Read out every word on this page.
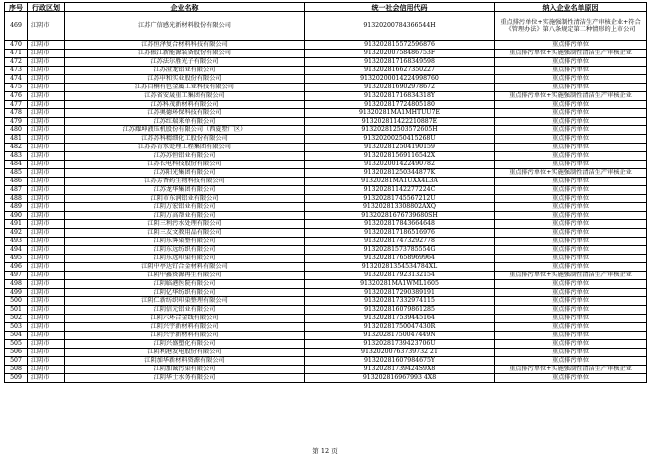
序号	行政区划	企业名称	统一社会信用代码	纳入企业名单原因
469	江阴市	江苏广信感光新材料股份有限公司	91320200784366544H	重点排污单位+实施强制性清洁生产审核企业+符合《管理办法》第八条规定第二种情形的上市公司
470	江阴市	江苏恒泽复合材料科技有限公司	913202815572596876	重点排污单位
471	江阴市	江苏振江新能源装备股份有限公司	91320200758486753F	重点排污单位+实施强制性清洁生产审核企业
472	江阴市	江苏法尔胜光子有限公司	913202817168349598	重点排污单位
473	江阴市	江苏澄龙铝业有限公司	913202816627350227	重点排污单位
474	江阴市	江苏申和实业股份有限公司	91320200014224998760	重点排污单位
475	江阴市	江苏百桐有色金属工业科技有限公司	913202816902978672	重点排污单位
476	江阴市	江苏省安晟重工集团有限公司	91320281716834318Y	重点排污单位+实施强制性清洁生产审核企业
477	江阴市	江苏科茂新材料有限公司	913202817724805180	重点排污单位
478	江阴市	江苏奥德环保科技有限公司	91320281MA1MHTUU7E	重点排污单位
479	江阴市	江苏红瑞来单有限公司	913202811422210887E	重点排污单位
480	江阴市	江苏耀坤液压机股份有限公司（西夏墅厂区）	913202812503572605H	重点排污单位
481	江阴市	江苏苏科精细化工股份有限公司	91320200250415268U	重点排污单位
482	江阴市	江苏苏青水处理工程集团有限公司	913202812504190159	重点排污单位
483	江阴市	江苏苏恒铝业有限公司	91320281569116542X	重点排污单位
484	江阴市	江苏长电科技股份有限公司	913202001422490782	重点排污单位
485	江阴市	江苏阳光集团有限公司	91320281250344877K	重点排污单位+实施强制性清洁生产审核企业
486	江阴市	江苏芳香药生物科技有限公司	91320281MA1UXX4L3A	重点排污单位
487	江阴市	江苏龙华集团有限公司	91320281142277224C	重点排污单位
488	江阴市	江阴市东润铝业有限公司	91320281745567212U	重点排污单位
489	江阴市	江阴万宏铝业有限公司	913202813308802AXQ	重点排污单位
490	江阴市	江阴万高帮业有限公司	91320281676739680SH	重点排污单位
491	江阴市	江阴三利污水处理有限公司	913202817843664648	重点排污单位
492	江阴市	江阴三友文教用品有限公司	913202817186516976	重点排污单位
493	江阴市	江阴东霁染整有限公司	913202817473292778	重点排污单位
494	江阴市	江阴东远纺织有限公司	91320281573785554G	重点排污单位
495	江阴市	江阴东远印染有限公司	913202817658969964	重点排污单位
496	江阴市	江阴中亭达钌合金材料有限公司	91320281354534784XL	重点排污单位
497	江阴市	江阴中鑫资源再生有限公司	913202817923132154	重点排污单位+实施强制性清洁生产审核企业
498	江阴市	江阴临港医院有限公司	91320281MA1WML1605	重点排污单位
499	江阴市	江阴亿华纺织有限公司	913202817290389191	重点排污单位
500	江阴市	江阴仁新纺织印染整理有限公司	913202817332974115	重点排污单位
501	江阴市	江阴信元铝业有限公司	913202816079861285	重点排污单位
502	江阴市	江阴六环合金线有限公司	913202817539445164	重点排污单位
503	江阴市	江阴兴宇新材料有限公司	91320281750047430R	重点排污单位
504	江阴市	江阴兴宇新材料有限公司	91320281750047449N	重点排污单位
505	江阴市	江阴兴盛塑化有限公司	91320281739423706U	重点排污单位
506	江阴市	江阴利港发电股份有限公司	91320200763739732 2T	重点排污单位
507	江阴市	江阴加华新材料资源有限公司	91320281607984675Y	重点排污单位
508	江阴市	江阴加诚污染有限公司	91320281739424S9X8	重点排污单位+实施强制性清洁生产审核企业
509	江阴市	江阴华士水务有限公司	913202816967993 4X8	重点排污单位
第 12 页
